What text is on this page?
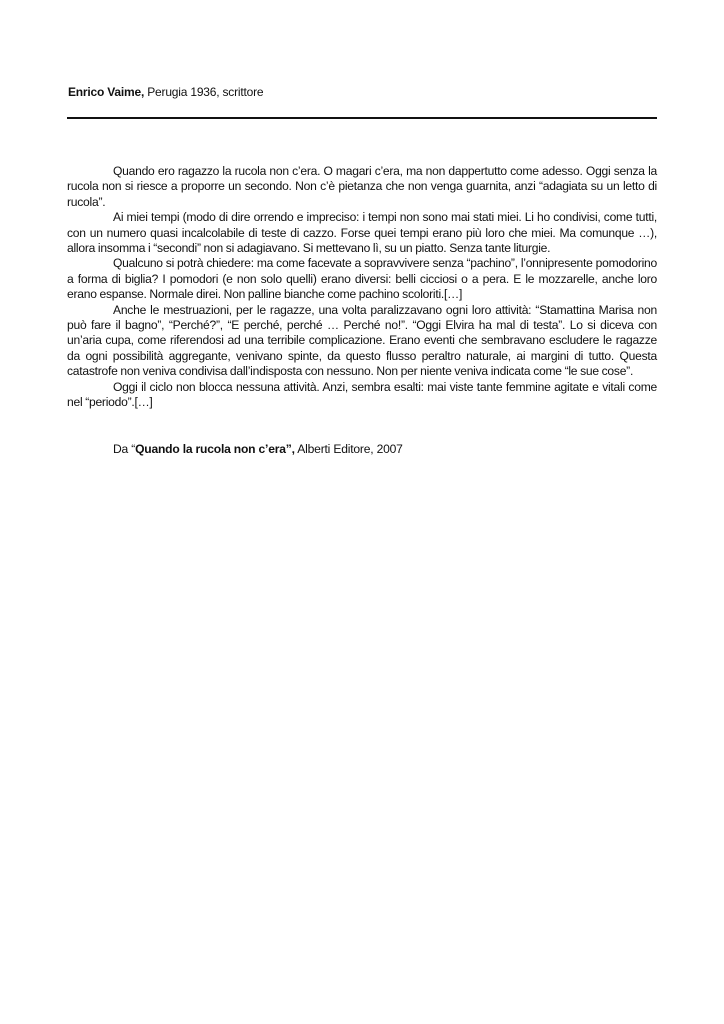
Enrico Vaime, Perugia 1936, scrittore

Quando ero ragazzo la rucola non c’era. O magari c’era, ma non dappertutto come adesso. Oggi senza la rucola non si riesce a proporre un secondo. Non c’è pietanza che non venga guarnita, anzi “adagiata su un letto di rucola”.

Ai miei tempi (modo di dire orrendo e impreciso: i tempi non sono mai stati miei. Li ho condivisi, come tutti, con un numero quasi incalcolabile di teste di cazzo. Forse quei tempi erano più loro che miei. Ma comunque …), allora insomma i “secondi” non si adagiavano. Si mettevano lì, su un piatto. Senza tante liturgie.

Qualcuno si potrà chiedere: ma come facevate a sopravvivere senza “pachino”, l’onnipresente pomodorino a forma di biglia? I pomodori (e non solo quelli) erano diversi: belli cicciosi o a pera. E le mozzarelle, anche loro erano espanse. Normale direi. Non palline bianche come pachino scoloriti.[…]

Anche le mestruazioni, per le ragazze, una volta paralizzavano ogni loro attività: “Stamattina Marisa non può fare il bagno”, “Perché?”, “E perché, perché … Perché no!”. “Oggi Elvira ha mal di testa”. Lo si diceva con un’aria cupa, come riferendosi ad una terribile complicazione. Erano eventi che sembravano escludere le ragazze da ogni possibilità aggregante, venivano spinte, da questo flusso peraltro naturale, ai margini di tutto. Questa catastrofe non veniva condivisa dall’indisposta con nessuno. Non per niente veniva indicata come “le sue cose”.

Oggi il ciclo non blocca nessuna attività. Anzi, sembra esalti: mai viste tante femmine agitate e vitali come nel “periodo”.[…]

Da “Quando la rucola non c’era”, Alberti Editore, 2007
